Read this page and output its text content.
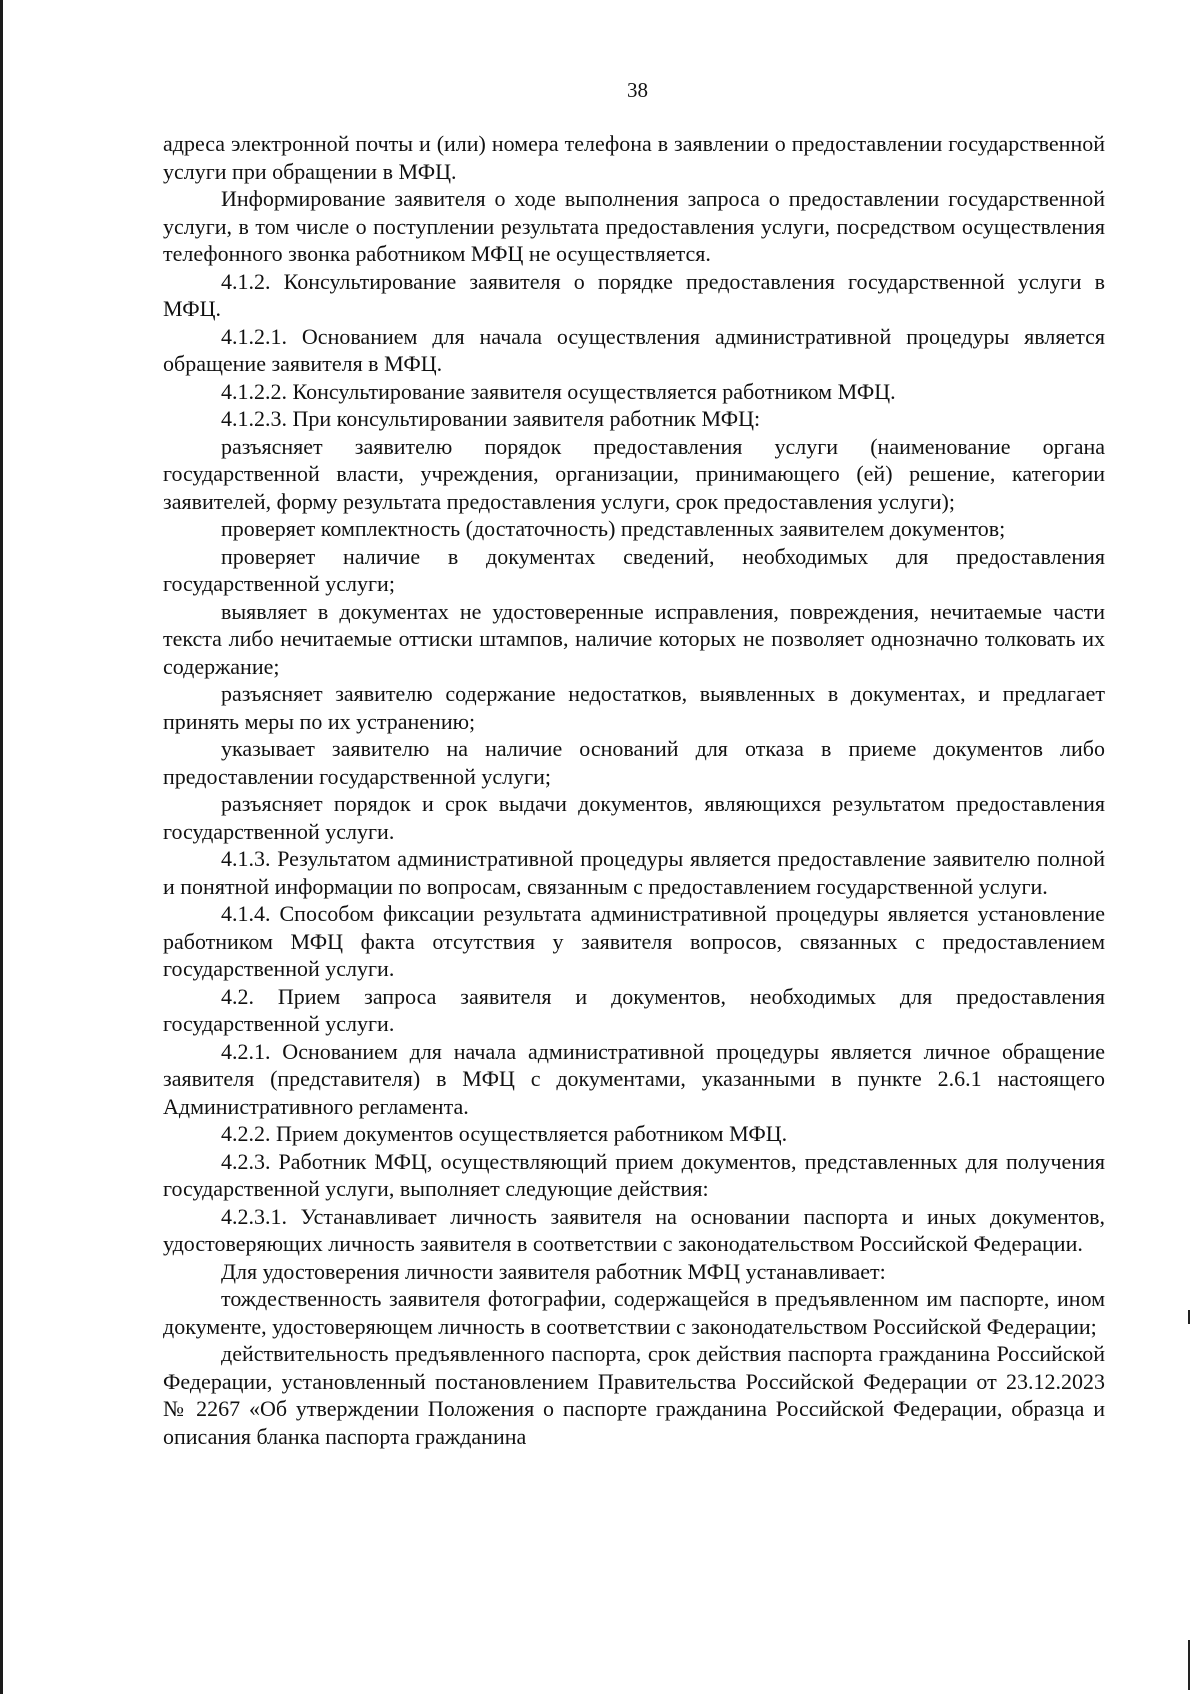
38

адреса электронной почты и (или) номера телефона в заявлении о предоставлении государственной услуги при обращении в МФЦ.

Информирование заявителя о ходе выполнения запроса о предоставлении государственной услуги, в том числе о поступлении результата предоставления услуги, посредством осуществления телефонного звонка работником МФЦ не осуществляется.

4.1.2. Консультирование заявителя о порядке предоставления государственной услуги в МФЦ.

4.1.2.1. Основанием для начала осуществления административной процедуры является обращение заявителя в МФЦ.

4.1.2.2. Консультирование заявителя осуществляется работником МФЦ.

4.1.2.3. При консультировании заявителя работник МФЦ:

разъясняет заявителю порядок предоставления услуги (наименование органа государственной власти, учреждения, организации, принимающего (ей) решение, категории заявителей, форму результата предоставления услуги, срок предоставления услуги);

проверяет комплектность (достаточность) представленных заявителем документов;

проверяет наличие в документах сведений, необходимых для предоставления государственной услуги;

выявляет в документах не удостоверенные исправления, повреждения, нечитаемые части текста либо нечитаемые оттиски штампов, наличие которых не позволяет однозначно толковать их содержание;

разъясняет заявителю содержание недостатков, выявленных в документах, и предлагает принять меры по их устранению;

указывает заявителю на наличие оснований для отказа в приеме документов либо предоставлении государственной услуги;

разъясняет порядок и срок выдачи документов, являющихся результатом предоставления государственной услуги.

4.1.3. Результатом административной процедуры является предоставление заявителю полной и понятной информации по вопросам, связанным с предоставлением государственной услуги.

4.1.4. Способом фиксации результата административной процедуры является установление работником МФЦ факта отсутствия у заявителя вопросов, связанных с предоставлением государственной услуги.

4.2. Прием запроса заявителя и документов, необходимых для предоставления государственной услуги.

4.2.1. Основанием для начала административной процедуры является личное обращение заявителя (представителя) в МФЦ с документами, указанными в пункте 2.6.1 настоящего Административного регламента.

4.2.2. Прием документов осуществляется работником МФЦ.

4.2.3. Работник МФЦ, осуществляющий прием документов, представленных для получения государственной услуги, выполняет следующие действия:

4.2.3.1. Устанавливает личность заявителя на основании паспорта и иных документов, удостоверяющих личность заявителя в соответствии с законодательством Российской Федерации.

Для удостоверения личности заявителя работник МФЦ устанавливает:

тождественность заявителя фотографии, содержащейся в предъявленном им паспорте, ином документе, удостоверяющем личность в соответствии с законодательством Российской Федерации;

действительность предъявленного паспорта, срок действия паспорта гражданина Российской Федерации, установленный постановлением Правительства Российской Федерации от 23.12.2023 № 2267 «Об утверждении Положения о паспорте гражданина Российской Федерации, образца и описания бланка паспорта гражданина
